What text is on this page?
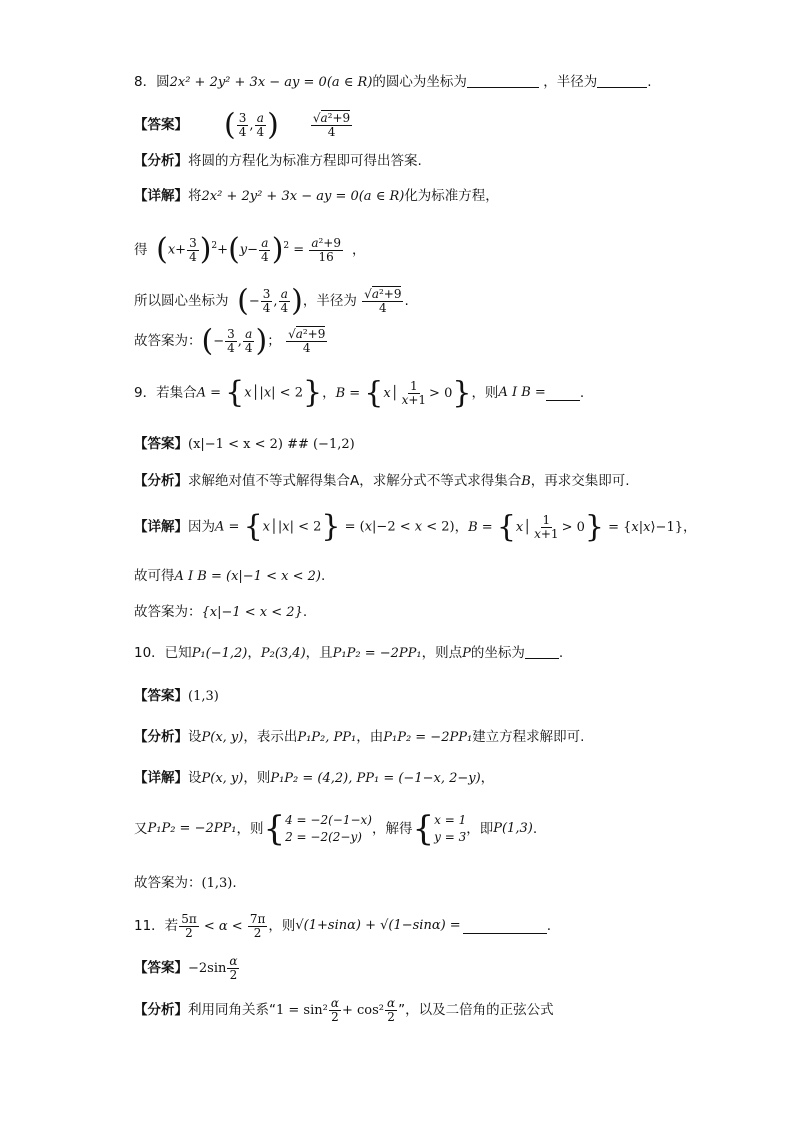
8．圆2x² + 2y² + 3x − ay = 0(a ∈ R)的圆心为坐标为	，半径为	.
【答案】 ( $\frac{3}{4}$ , $\frac{a}{4}$ )	$\frac{\text{√a²+9}}{4}$
【分析】将圆的方程化为标准方程即可得出答案.
【详解】将2x² + 2y² + 3x − ay = 0(a ∈ R)化为标准方程，
得
$(x+ \frac{3}{4} )^2+(y- \frac{a}{4} )^2 = \frac{\text{a²+9}}{16}$ ，
所以圆心坐标为
(− $\frac{3}{4}$ , $\frac{a}{4}$ ) ，半径为
$\frac{\text{√a²+9}}{4}$ .
故答案为： (− $\frac{3}{4}$ , $\frac{a}{4}$ ) ；
$\frac{\text{√a²+9}}{4}$
9．若集合 A = {x│|x| < 2} ， B = {x│ $\frac{1}{x+1} > 0$} ，则 A I B =	.
【答案】(x|−1 < x < 2) ## (−1,2)
【分析】求解绝对值不等式解得集合A，求解分式不等式求得集合B，再求交集即可.
【详解】 因为 A = {x│|x| < 2} = (x|−2 < x < 2) ， B = {x│ $\frac{1}{x+1} > 0$} = {x|x⟩−1} ，
故可得A I B = (x|−1 < x < 2).
故答案为：{x|−1 < x < 2}.
10．已知P₁(−1,2)，P₂(3,4)，且P₁P₂ = −2PP₁，则点P的坐标为	.
【答案】(1,3)
【分析】设P(x, y)，表示出P₁P₂, PP₁，由P₁P₂ = −2PP₁建立方程求解即可.
【详解】设P(x, y)，则P₁P₂ = (4,2), PP₁ = (−1−x, 2−y)，
又 P₁P₂ = −2PP₁ ，则 { 4 = −2(−1−x)
2 = −2(2−y) ，解得 { x = 1
y = 3 ，即 P(1,3) .
故答案为：(1,3).
11．若 $\frac{5\pi}{2} < \alpha < \frac{7\pi}{2}$ ，则 √(1+sinα) + √(1−sinα) =	.
【答案】 $-2\sin \frac{\alpha}{2}$
【分析】 利用同角关系“ $1 = \sin^2 \frac{\alpha}{2} + \cos^2 \frac{\alpha}{2}$ ”，以及二倍角的正弦公式
